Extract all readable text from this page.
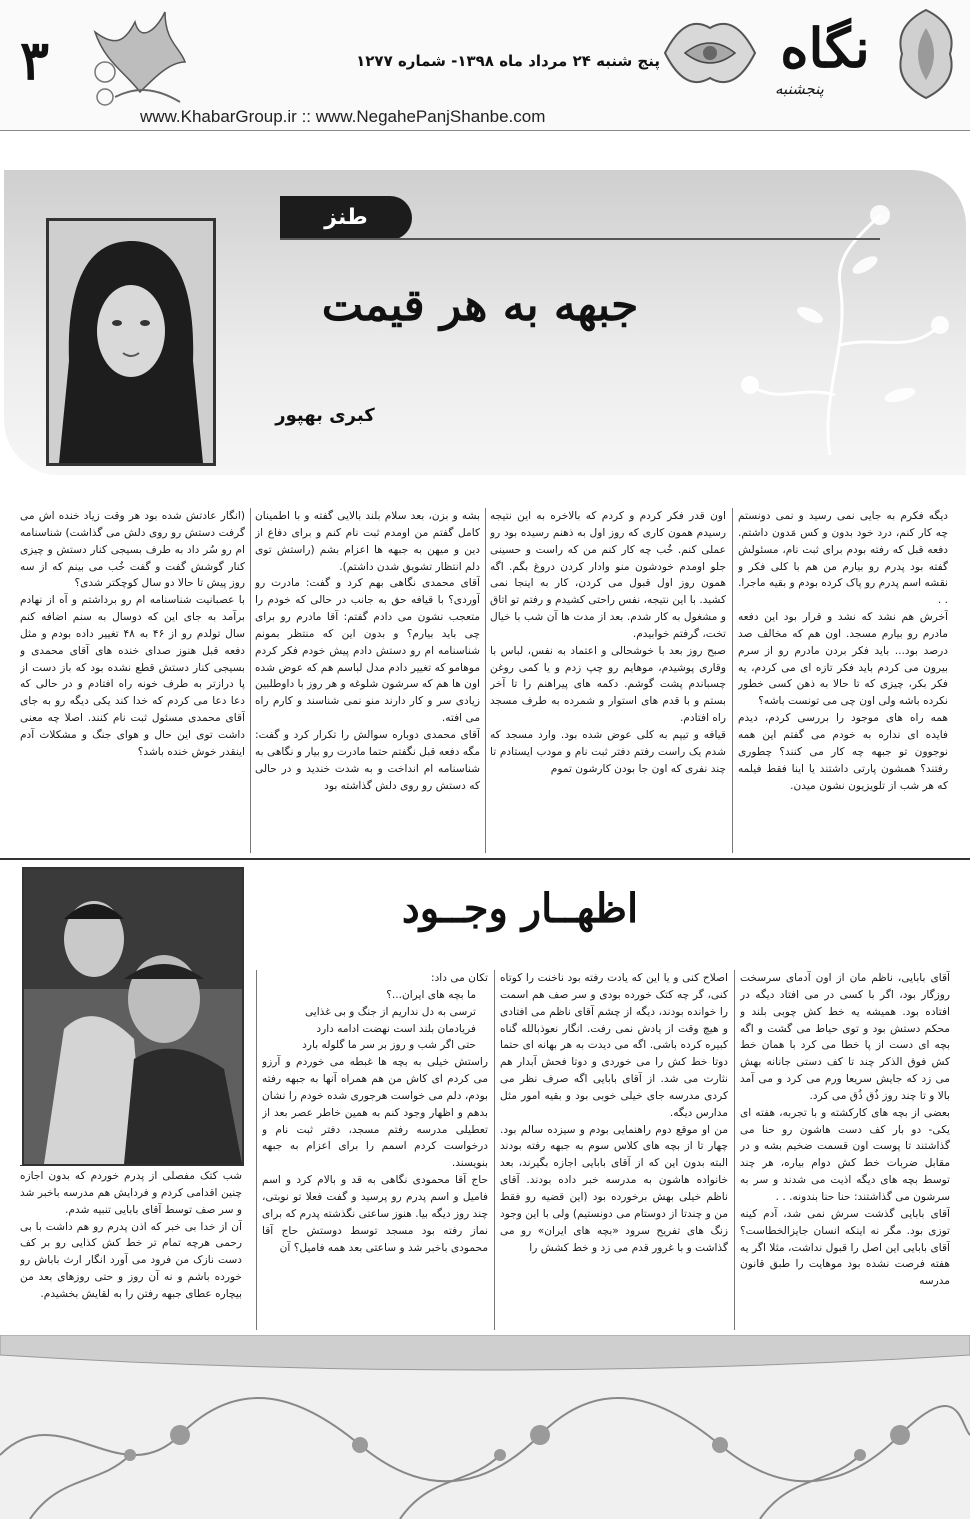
۳	پنج شنبه ۲۴ مرداد ماه ۱۳۹۸- شماره ۱۲۷۷
www.KhabarGroup.ir :: www.NegahePanjShanbe.com
نگاه
پنجشنبه
طنز
جبهه به هر قیمت
کبری بهپور
اظهــار وجــود

دیگه فکرم به جایی نمی رسید و نمی دونستم چه کار کنم، درد خود بدون و کس مَدون داشتم. دفعه قبل که رفته بودم برای ثبت نام، مسئولش گفته بود پدرم رو بیارم من هم با کلی فکر و نقشه اسم پدرم رو پاک کرده بودم و بقیه ماجرا. . .

آخرش هم نشد که نشد و قرار بود این دفعه مادرم رو بیارم مسجد. اون هم که مخالف صد درصد بود... باید فکر بردن مادرم رو از سرم بیرون می کردم باید فکر تازه ای می کردم، یه فکر بکر، چیزی که تا حالا به ذهن کسی خطور نکرده باشه ولی اون چی می تونست باشه؟

همه راه های موجود را بررسی کردم، دیدم فایده ای نداره به خودم می گفتم این همه نوجوون تو جبهه چه کار می کنند؟ چطوری رفتند؟ همشون پارتی داشتند یا اینا فقط فیلمه که هر شب از تلویزیون نشون میدن.

اون قدر فکر کردم و کردم که بالاخره به این نتیجه رسیدم همون کاری که روز اول به ذهنم رسیده بود رو عملی کنم. خُب چه کار کنم من که راست و حسینی جلو اومدم خودشون منو وادار کردن دروغ بگم. اگه همون روز اول قبول می کردن، کار به اینجا نمی کشید. با این نتیجه، نفس راحتی کشیدم و رفتم تو اتاق و مشغول به کار شدم. بعد از مدت ها آن شب با خیال تخت، گرفتم خوابیدم.

صبح روز بعد با خوشحالی و اعتماد به نفس، لباس با وقاری پوشیدم، موهایم رو چپ زدم و یا کمی روغن چسباندم پشت گوشم. دکمه های پیراهنم را تا آخر بستم و با قدم های استوار و شمرده به طرف مسجد راه افتادم.

قیافه و تیپم به کلی عوض شده بود. وارد مسجد که شدم یک راست رفتم دفتر ثبت نام و مودب ایستادم تا چند نفری که اون جا بودن کارشون تموم

بشه و بزن، بعد سلام بلند بالایی گفته و با اطمینان کامل گفتم من اومدم ثبت نام کنم و برای دفاع از دین و میهن به جبهه ها اعزام بشم (راستش توی دلم انتظار تشویق شدن داشتم).

آقای محمدی نگاهی بهم کرد و گفت: مادرت رو آوردی؟ با قیافه حق به جانب در حالی که خودم را متعجب نشون می دادم گفتم: آقا مادرم رو برای چی باید بیارم؟ و بدون این که منتظر بمونم شناسنامه ام رو دستش دادم پیش خودم فکر کردم موهامو که تغییر دادم مدل لباسم هم که عوض شده اون ها هم که سرشون شلوغه و هر روز با داوطلبین زیادی سر و کار دارند منو نمی شناسند و کارم راه می افته.

آقای محمدی دوباره سوالش را تکرار کرد و گفت: مگه دفعه قبل نگفتم حتما مادرت رو بیار و نگاهی به شناسنامه ام انداخت و به شدت خندید و در حالی که دستش رو روی دلش گذاشته بود

(انگار عادتش شده بود هر وقت زیاد خنده اش می گرفت دستش رو روی دلش می گذاشت) شناسنامه ام رو سُر داد به طرف بسیجی کنار دستش و چیزی کنار گوشش گفت و گفت خُب می بینم که از سه روز پیش تا حالا دو سال کوچکتر شدی؟

با عصبانیت شناسنامه ام رو برداشتم و آه از نهادم برآمد به جای این که دوسال به سنم اضافه کنم سال تولدم رو از ۴۶ به ۴۸ تغییر داده بودم و مثل دفعه قبل هنوز صدای خنده های آقای محمدی و بسیجی کنار دستش قطع نشده بود که باز دست از پا درازتر به طرف خونه راه افتادم و در حالی که دعا دعا می کردم که خدا کند یکی دیگه رو به جای آقای محمدی مسئول ثبت نام کنند. اصلا چه معنی داشت توی این حال و هوای جنگ و مشکلات آدم اینقدر خوش خنده باشد؟

آقای بابایی، ناظم مان از اون آدمای سرسخت روزگار بود، اگر با کسی در می افتاد دیگه در افتاده بود. همیشه یه خط کش چوبی بلند و محکم دستش بود و توی حیاط می گشت و اگه بچه ای دست از پا خطا می کرد با همان خط کش فوق الذکر چند تا کف دستی جانانه بهش می زد که جایش سریعا ورم می کرد و می آمد بالا و تا چند روز ذُق ذُق می کرد.

بعضی از بچه های کارکشته و با تجربه، هفته ای یکی- دو بار کف دست هاشون رو حنا می گذاشتند تا پوست اون قسمت ضخیم بشه و در مقابل ضربات خط کش دوام بیاره، هر چند توسط بچه های دیگه اذیت می شدند و سر به سرشون می گذاشتند: حنا حنا بندونه. . .

آقای بابایی گذشت سرش نمی شد، آدم کینه توزی بود. مگر نه اینکه انسان جایزالخطاست؟ آقای بابایی این اصل را قبول نداشت، مثلا اگر یه هفته فرصت نشده بود موهایت را طبق قانون مدرسه

اصلاح کنی و یا این که یادت رفته بود ناخنت را کوتاه کنی، گر چه کتک خورده بودی و سر صف هم اسمت را خوانده بودند، دیگه از چشم آقای ناظم می افتادی و هیچ وقت از یادش نمی رفت. انگار نعوذبالله گناه کبیره کرده باشی. اگه می دیدت به هر بهانه ای حتما دوتا خط کش را می خوردی و دوتا فحش آبدار هم نثارت می شد. از آقای بابایی اگه صرف نظر می کردی مدرسه جای خیلی خوبی بود و بقیه امور مثل مدارس دیگه.

من او موقع دوم راهنمایی بودم و سیزده سالم بود. چهار تا از بچه های کلاس سوم به جبهه رفته بودند البته بدون این که از آقای بابایی اجازه بگیرند، بعد خانواده هاشون به مدرسه خبر داده بودند. آقای ناظم خیلی بهش برخورده بود (این قضیه رو فقط من و چندتا از دوستام می دونستیم) ولی با این وجود زنگ های تفریح سرود «بچه های ایران» رو می گذاشت و با غرور قدم می زد و خط کشش را

تکان می داد:

ما بچه های ایران...؟

ترسی به دل نداریم از جنگ و بی غذایی

فریادمان بلند است نهضت ادامه دارد

حتی اگر شب و روز بر سر ما گلوله بارد

راستش خیلی به بچه ها غبطه می خوردم و آرزو می کردم ای کاش من هم همراه آنها به جبهه رفته بودم، دلم می خواست هرجوری شده خودم را نشان بدهم و اظهار وجود کنم به همین خاطر عصر بعد از تعطیلی مدرسه رفتم مسجد، دفتر ثبت نام و درخواست کردم اسمم را برای اعزام به جبهه بنویسند.

حاج آقا محمودی نگاهی به قد و بالام کرد و اسم فامیل و اسم پدرم رو پرسید و گفت فعلا تو نوبتی، چند روز دیگه بیا. هنوز ساعتی نگذشته پدرم که برای نماز رفته بود مسجد توسط دوستش حاج آقا محمودی باخبر شد و ساعتی بعد همه فامیل؟ آن

شب کتک مفصلی از پدرم خوردم که بدون اجازه چنین اقدامی کردم و فردایش هم مدرسه باخبر شد و سر صف توسط آقای بابایی تنبیه شدم.

آن از خدا بی خبر که اذن پدرم رو هم داشت با بی رحمی هرچه تمام تر خط کش کذایی رو بر کف دست نازک من فرود می آورد انگار ارث باباش رو خورده باشم و نه آن روز و حتی روزهای بعد من بیچاره عطای جبهه رفتن را به لقایش بخشیدم.
